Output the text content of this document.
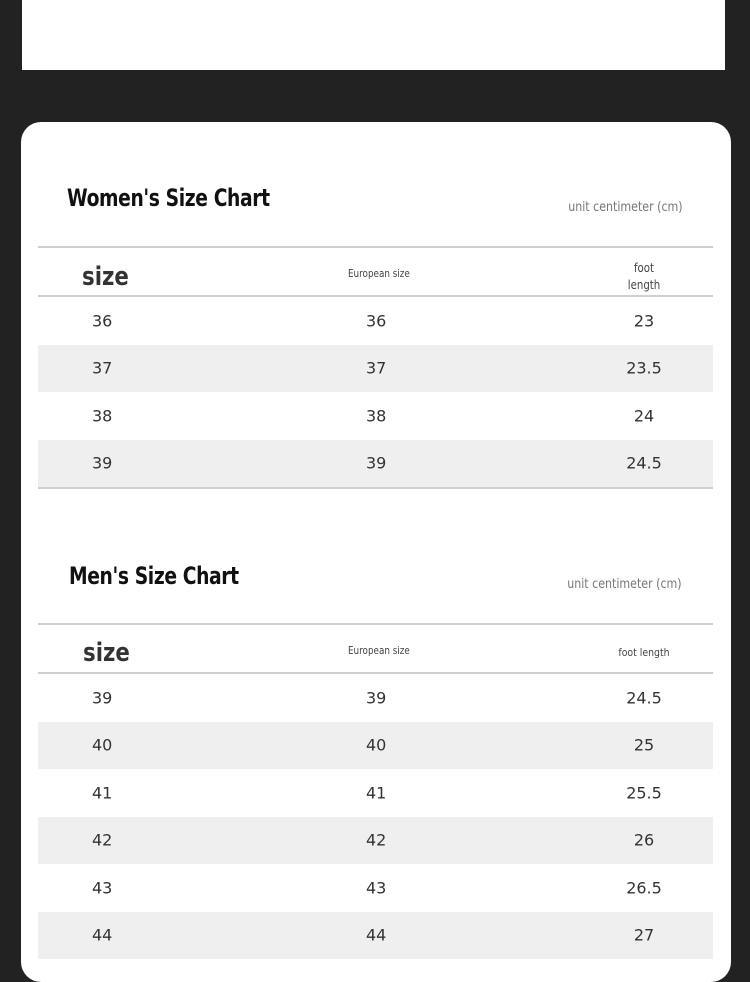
Women's Size Chart	unit centimeter (cm)
size	European size	foot length
36	36	23
37	37	23.5
38	38	24
39	39	24.5
Men's Size Chart	unit centimeter (cm)
size	European size	foot length
39	39	24.5
40	40	25
41	41	25.5
42	42	26
43	43	26.5
44	44	27
